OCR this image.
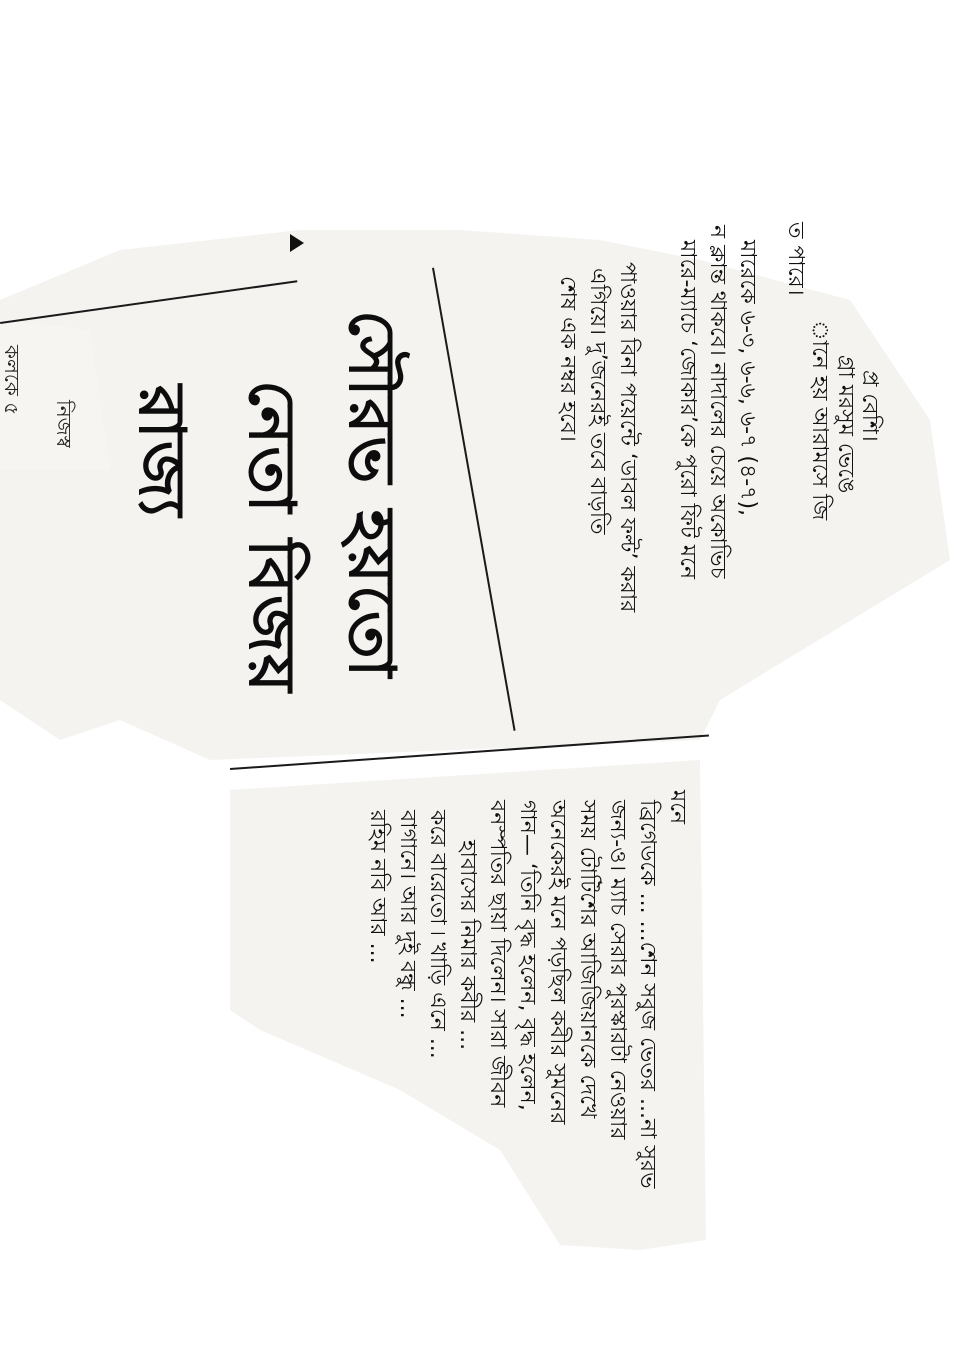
প্র বেশি।
গ্রা মরসুম ভেঙে
ানে হয় আরামসে জি
ত পারে।
মারেকে ৬-৩, ৬-৬, ৬-৭ (৪-৭),
ন ক্লান্ত থাকবে। নাদালের চেয়ে অকোভিচ
মারে-ম্যাচে ‘জোকার’কে পুরো ফিট মনে
পাওয়ার বিনা পয়েন্টে ‘ডাবল ফল্ট’ করার
এগিয়ে। দু’জনেরই তবে বাড়তি
শেষ এক নম্বর হবে।
সৌরভ হয়তো
নেতা বিজয়
রাজ্য
নিজস্ব
কলকে ৫
মনে
ব্রিগেডকে ... ...শেন সবুজ ভেতর ...না সুরভ
জন্য-ও। ম্যাচ সেরার পুরস্কারটা নেওয়ার
সময় টোটিশের আজিজিয়ানকে দেখে
অনেকেরই মনে পড়ছিল কবীর সুমনের
গান— ‘তিনি বৃদ্ধ হলেন, বৃদ্ধ হলেন,
বনস্পতির ছায়া দিলেন। সারা জীবন
হাবাসের নিমার কবীর ...
করে বারেতো ৷ খাড়ি এনে ...
বাগানে। আর দুই বন্ধু ...
রহিম নবি আর ...
